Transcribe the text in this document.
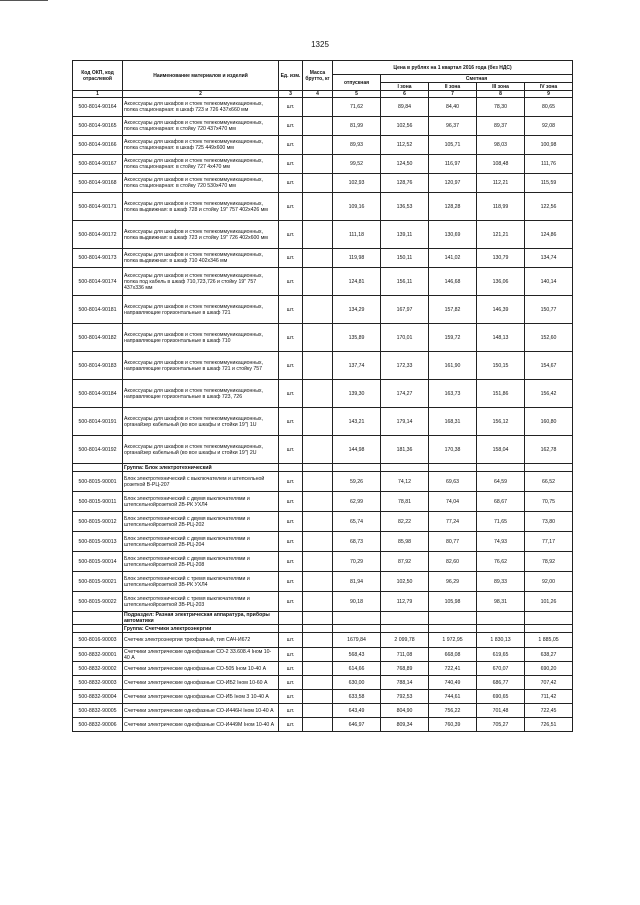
1325
Код ОКП, код отраслевой	Наименование материалов и изделий	Ед. изм.	Масса брутто, кг	Цена в рублях на 1 квартал 2016 года (без НДС)				
				отпускная	Сметная			
					I зона	II зона	III зона	IV зона
1	2	3	4	5	6	7	8	9
500-8014-90164	Аксессуары для шкафов и стоек телекоммуникационных, полка стационарная: в шкаф 723 и 726 437х660 мм	шт.		71,62	89,84	84,40	78,30	80,65
500-8014-90165	Аксессуары для шкафов и стоек телекоммуникационных, полка стационарная: в стойку 720 437х470 мм	шт.		81,99	102,56	96,37	89,37	92,08
500-8014-90166	Аксессуары для шкафов и стоек телекоммуникационных, полка стационарная: в шкаф 725 449х600 мм	шт.		89,93	112,52	105,71	98,03	100,98
500-8014-90167	Аксессуары для шкафов и стоек телекоммуникационных, полка стационарная: в стойку 727 4х470 мм	шт.		99,52	124,50	116,97	108,48	111,76
500-8014-90168	Аксессуары для шкафов и стоек телекоммуникационных, полка стационарная: в стойку 720 530х470 мм	шт.		102,93	128,76	120,97	112,21	115,59
500-8014-90171	Аксессуары для шкафов и стоек телекоммуникационных, полка выдвижная: в шкаф 728 и стойку 19" 757 402х426 мм	шт.		109,16	136,53	128,28	118,99	122,56
500-8014-90172	Аксессуары для шкафов и стоек телекоммуникационных, полка выдвижная: в шкаф 723 и стойку 19" 726 402х600 мм	шт.		111,18	139,11	130,69	121,21	124,86
500-8014-90173	Аксессуары для шкафов и стоек телекоммуникационных, полка выдвижная: в шкаф 710 402х346 мм	шт.		119,98	150,11	141,02	130,79	134,74
500-8014-90174	Аксессуары для шкафов и стоек телекоммуникационных, полка под кабель в шкаф 710,723,726 и стойку 19" 757 437х336 мм	шт.		124,81	156,11	146,68	136,06	140,14
500-8014-90181	Аксессуары для шкафов и стоек телекоммуникационных, направляющие горизонтальные в шкаф 721	шт.		134,29	167,97	157,82	146,39	150,77
500-8014-90182	Аксессуары для шкафов и стоек телекоммуникационных, направляющие горизонтальные в шкаф 710	шт.		135,89	170,01	159,72	148,13	152,60
500-8014-90183	Аксессуары для шкафов и стоек телекоммуникационных, направляющие горизонтальные в шкаф 721 и стойку 757	шт.		137,74	172,33	161,90	150,15	154,67
500-8014-90184	Аксессуары для шкафов и стоек телекоммуникационных, направляющие горизонтальные в шкаф 723, 726	шт.		139,30	174,27	163,73	151,86	156,42
500-8014-90191	Аксессуары для шкафов и стоек телекоммуникационных, органайзер кабельный (во все шкафы и стойки 19") 1U	шт.		143,21	179,14	168,31	156,12	160,80
500-8014-90192	Аксессуары для шкафов и стоек телекоммуникационных, органайзер кабельный (во все шкафы и стойки 19") 2U	шт.		144,98	181,36	170,38	158,04	162,78
	Группа: Блок электротехнический							
500-8015-90001	Блок электротехнический с выключателем и штепсельной розеткой В-РЦ-207	шт.		59,26	74,12	69,63	64,59	66,52
500-8015-90011	Блок электротехнический с двумя выключателями и штепсельнойрозеткой 2В-РК УХЛ4	шт.		62,99	78,81	74,04	68,67	70,75
500-8015-90012	Блок электротехнический с двумя выключателями и штепсельнойрозеткой 2В-РЦ-202	шт.		65,74	82,22	77,24	71,65	73,80
500-8015-90013	Блок электротехнический с двумя выключателями и штепсельнойрозеткой 2В-РЦ-204	шт.		68,73	85,98	80,77	74,93	77,17
500-8015-90014	Блок электротехнический с двумя выключателями и штепсельнойрозеткой 2В-РЦ-208	шт.		70,29	87,92	82,60	76,62	78,92
500-8015-90021	Блок электротехнический с тремя выключателями и штепсельнойрозеткой 3В-РК УХЛ4	шт.		81,94	102,50	96,29	89,33	92,00
500-8015-90022	Блок электротехнический с тремя выключателями и штепсельнойрозеткой 3В-РЦ-203	шт.		90,18	112,79	105,98	98,31	101,26
	Подраздел: Разная электрическая аппаратура, приборы автоматики							
	Группа: Счетчики электроэнергии							
500-8016-90003	Счетчик электроэнергии трехфазный, тип САЧ-И672	шт.		1679,84	2 099,78	1 972,95	1 830,13	1 885,05
500-8832-90001	Счетчики электрические однофазные СО-2 33.608.4 Iном 10-40 А	шт.		568,43	711,08	668,08	619,65	638,27
500-8832-90002	Счетчики электрические однофазные СО-505 Iном 10-40 А	шт.		614,66	768,89	722,41	670,07	690,20
500-8832-90003	Счетчики электрические однофазные СО-ИБ2 Iном 10-60 А	шт.		630,00	788,14	740,49	686,77	707,42
500-8832-90004	Счетчики электрические однофазные СО-ИБ Iном 3 10-40 А	шт.		633,58	792,53	744,61	690,65	711,42
500-8832-90005	Счетчики электрические однофазные СО-И446Н Iном 10-40 А	шт.		643,49	804,90	756,22	701,48	722,45
500-8832-90006	Счетчики электрические однофазные СО-И449М Iном 10-40 А	шт.		646,97	809,34	760,39	705,27	726,51
